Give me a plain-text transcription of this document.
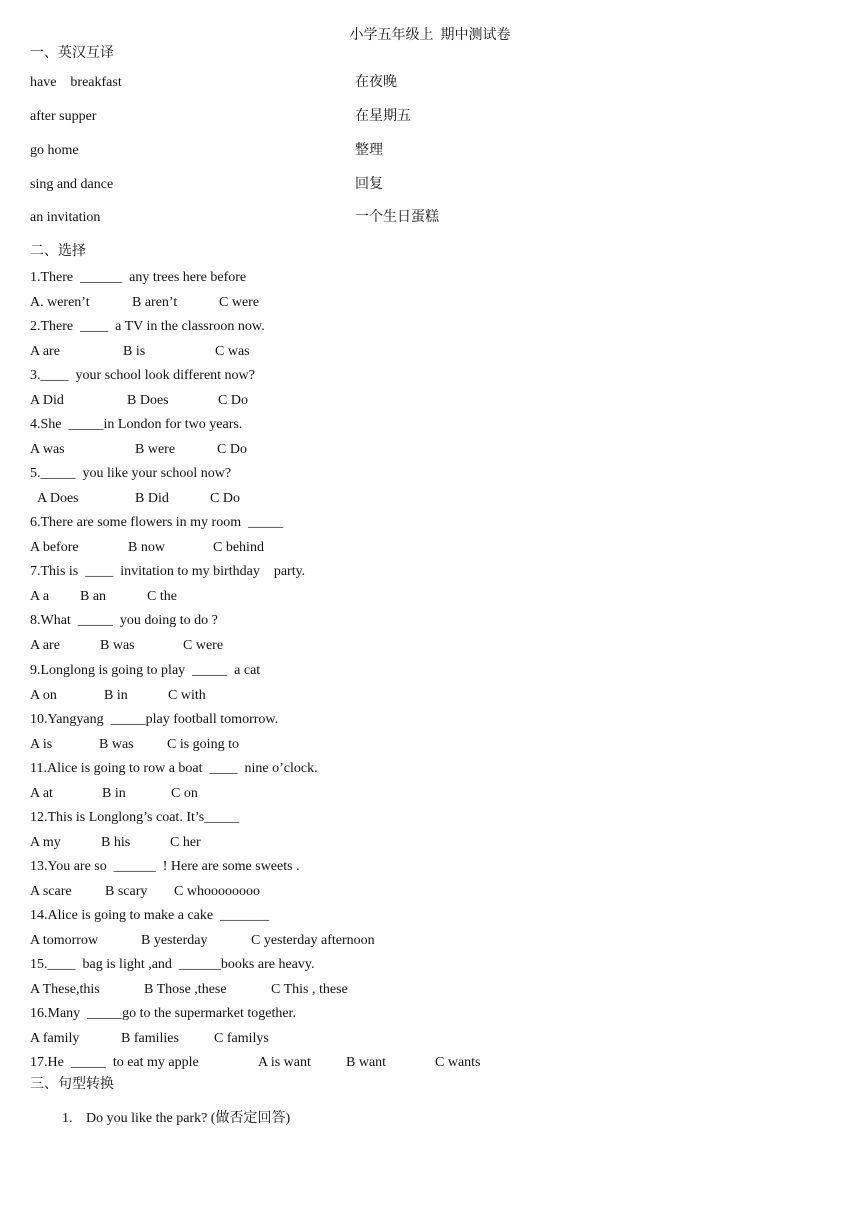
小学五年级上  期中测试卷
一、英汉互译
have    breakfast	在夜晚
after supper	在星期五
go home	整理
sing and dance	回复
an invitation	一个生日蛋糕
二、选择
1.There  ______  any trees here before
A. weren’t	B aren’t	C were
2.There  ____  a TV in the classroon now.
A are	B is	C was
3.____  your school look different now?
A Did	B Does	C Do
4.She  _____in London for two years.
A was	B were	C Do
5._____  you like your school now?
A Does	B Did	C Do
6.There are some flowers in my room  _____
A before	B now	C behind
7.This is  ____  invitation to my birthday    party.
A a B an	C the
8.What  _____  you doing to do ?
A are	B was	C were
9.Longlong is going to play  _____  a cat
A on	B in	C with
10.Yangyang  _____play football tomorrow.
A is	B was C is going to
11.Alice is going to row a boat  ____  nine o’clock.
A at	B in	C on
12.This is Longlong’s coat. It’s_____
A my	B his	C her
13.You are so  ______  ! Here are some sweets .
A scare B scary C whoooooooo
14.Alice is going to make a cake  _______
A tomorrow	B yesterday	C yesterday afternoon
15.____  bag is light ,and  ______books are heavy.
A These,this	B Those ,these	C This , these
16.Many  _____go to the supermarket together.
A family	B families	C familys
17.He  _____  to eat my apple	A is want	B want	C wants
三、句型转换
1. Do you like the park? (做否定回答)
